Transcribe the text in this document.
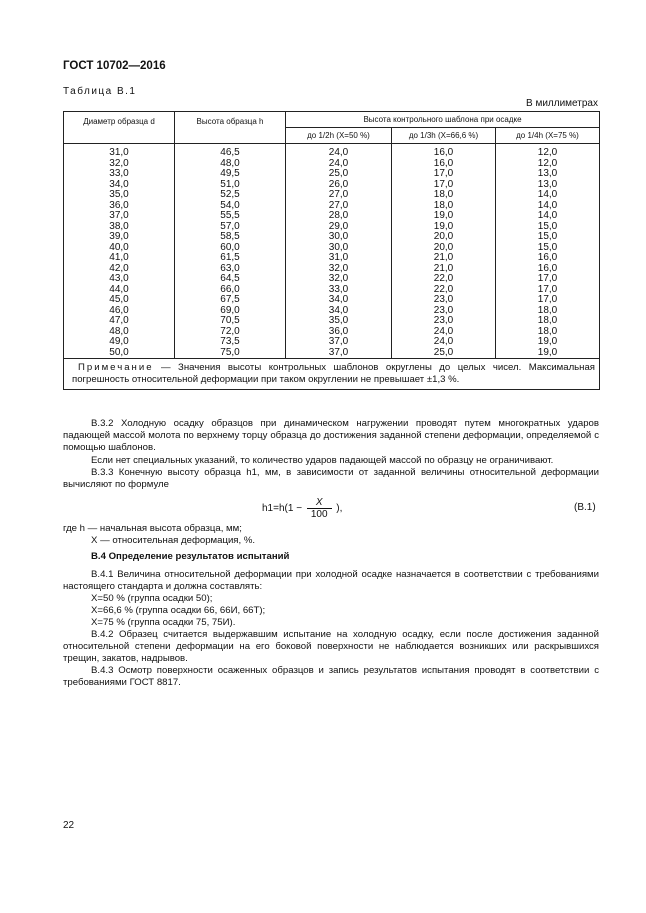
ГОСТ 10702—2016
Таблица В.1
В миллиметрах
Диаметр образца d	Высота образца h	Высота контрольного шаблона при осадке		
		до 1/2h (X=50 %)	до 1/3h (X=66,6 %)	до 1/4h (X=75 %)
31,0	46,5	24,0	16,0	12,0
32,0	48,0	24,0	16,0	12,0
33,0	49,5	25,0	17,0	13,0
34,0	51,0	26,0	17,0	13,0
35,0	52,5	27,0	18,0	14,0
36,0	54,0	27,0	18,0	14,0
37,0	55,5	28,0	19,0	14,0
38,0	57,0	29,0	19,0	15,0
39,0	58,5	30,0	20,0	15,0
40,0	60,0	30,0	20,0	15,0
41,0	61,5	31,0	21,0	16,0
42,0	63,0	32,0	21,0	16,0
43,0	64,5	32,0	22,0	17,0
44,0	66,0	33,0	22,0	17,0
45,0	67,5	34,0	23,0	17,0
46,0	69,0	34,0	23,0	18,0
47,0	70,5	35,0	23,0	18,0
48,0	72,0	36,0	24,0	18,0
49,0	73,5	37,0	24,0	19,0
50,0	75,0	37,0	25,0	19,0
Примечание — Значения высоты контрольных шаблонов округлены до целых чисел. Максимальная погрешность относительной деформации при таком округлении не превышает ±1,3 %.				
В.3.2 Холодную осадку образцов при динамическом нагружении проводят путем многократных ударов падающей массой молота по верхнему торцу образца до достижения заданной степени деформации, определяемой с помощью шаблонов.
Если нет специальных указаний, то количество ударов падающей массой по образцу не ограничивают.
В.3.3 Конечную высоту образца h1, мм, в зависимости от заданной величины относительной деформации вычисляют по формуле
$h1=h(1 - \frac{X}{100}$ ),	(В.1)
где h — начальная высота образца, мм;
X — относительная деформация, %.
В.4 Определение результатов испытаний
В.4.1 Величина относительной деформации при холодной осадке назначается в соответствии с требованиями настоящего стандарта и должна составлять:
X=50 % (группа осадки 50);
X=66,6 % (группа осадки 66, 66И, 66Т);
X=75 % (группа осадки 75, 75И).
В.4.2 Образец считается выдержавшим испытание на холодную осадку, если после достижения заданной относительной степени деформации на его боковой поверхности не наблюдается возникших или раскрывшихся трещин, закатов, надрывов.
В.4.3 Осмотр поверхности осаженных образцов и запись результатов испытания проводят в соответствии с требованиями ГОСТ 8817.
22
